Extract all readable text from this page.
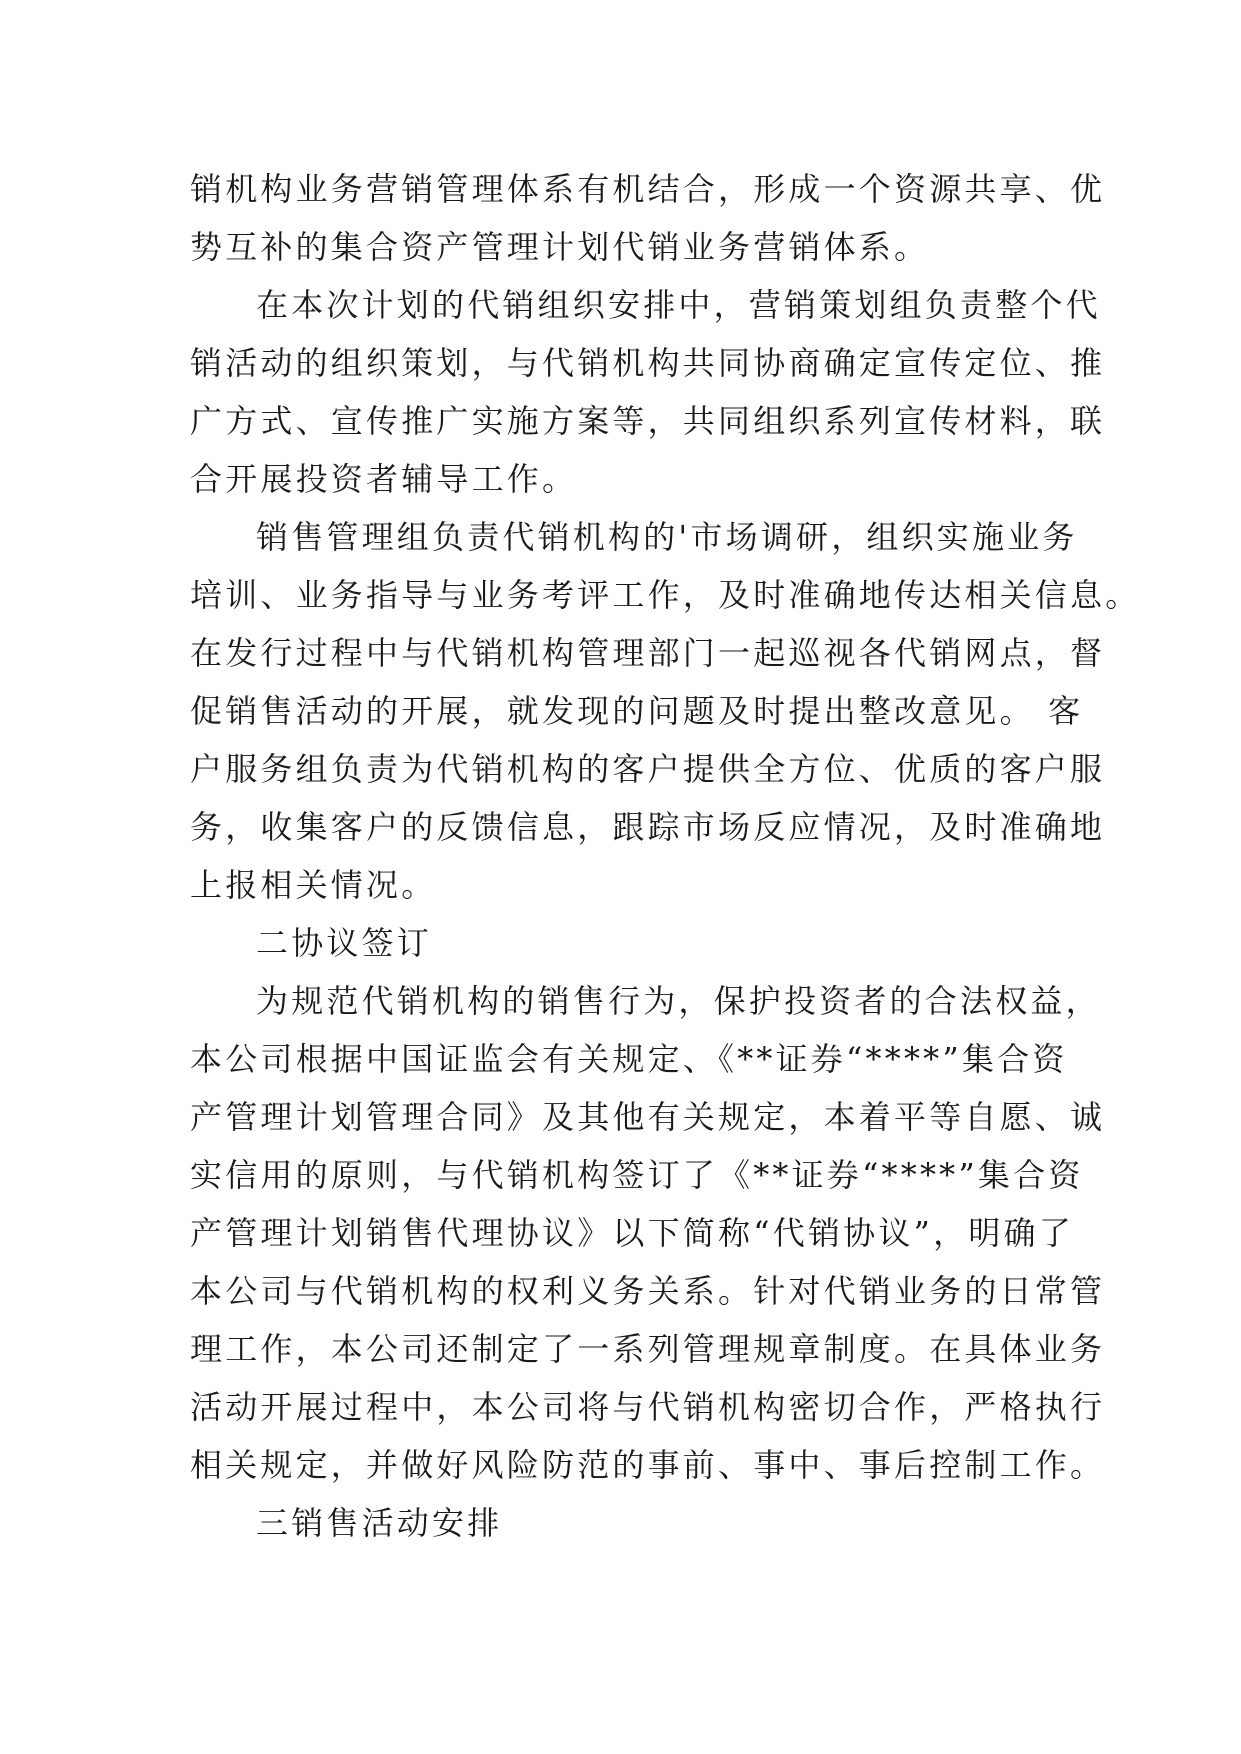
销机构业务营销管理体系有机结合，形成一个资源共享、优
势互补的集合资产管理计划代销业务营销体系。
在本次计划的代销组织安排中，营销策划组负责整个代
销活动的组织策划，与代销机构共同协商确定宣传定位、推
广方式、宣传推广实施方案等，共同组织系列宣传材料，联
合开展投资者辅导工作。
销售管理组负责代销机构的'市场调研，组织实施业务
培训、业务指导与业务考评工作，及时准确地传达相关信息。
在发行过程中与代销机构管理部门一起巡视各代销网点，督
促销售活动的开展，就发现的问题及时提出整改意见。 客
户服务组负责为代销机构的客户提供全方位、优质的客户服
务，收集客户的反馈信息，跟踪市场反应情况，及时准确地
上报相关情况。
二协议签订
为规范代销机构的销售行为，保护投资者的合法权益，
本公司根据中国证监会有关规定、《**证券“****”集合资
产管理计划管理合同》及其他有关规定，本着平等自愿、诚
实信用的原则，与代销机构签订了《**证券“****”集合资
产管理计划销售代理协议》以下简称“代销协议”，明确了
本公司与代销机构的权利义务关系。针对代销业务的日常管
理工作，本公司还制定了一系列管理规章制度。在具体业务
活动开展过程中，本公司将与代销机构密切合作，严格执行
相关规定，并做好风险防范的事前、事中、事后控制工作。
三销售活动安排
